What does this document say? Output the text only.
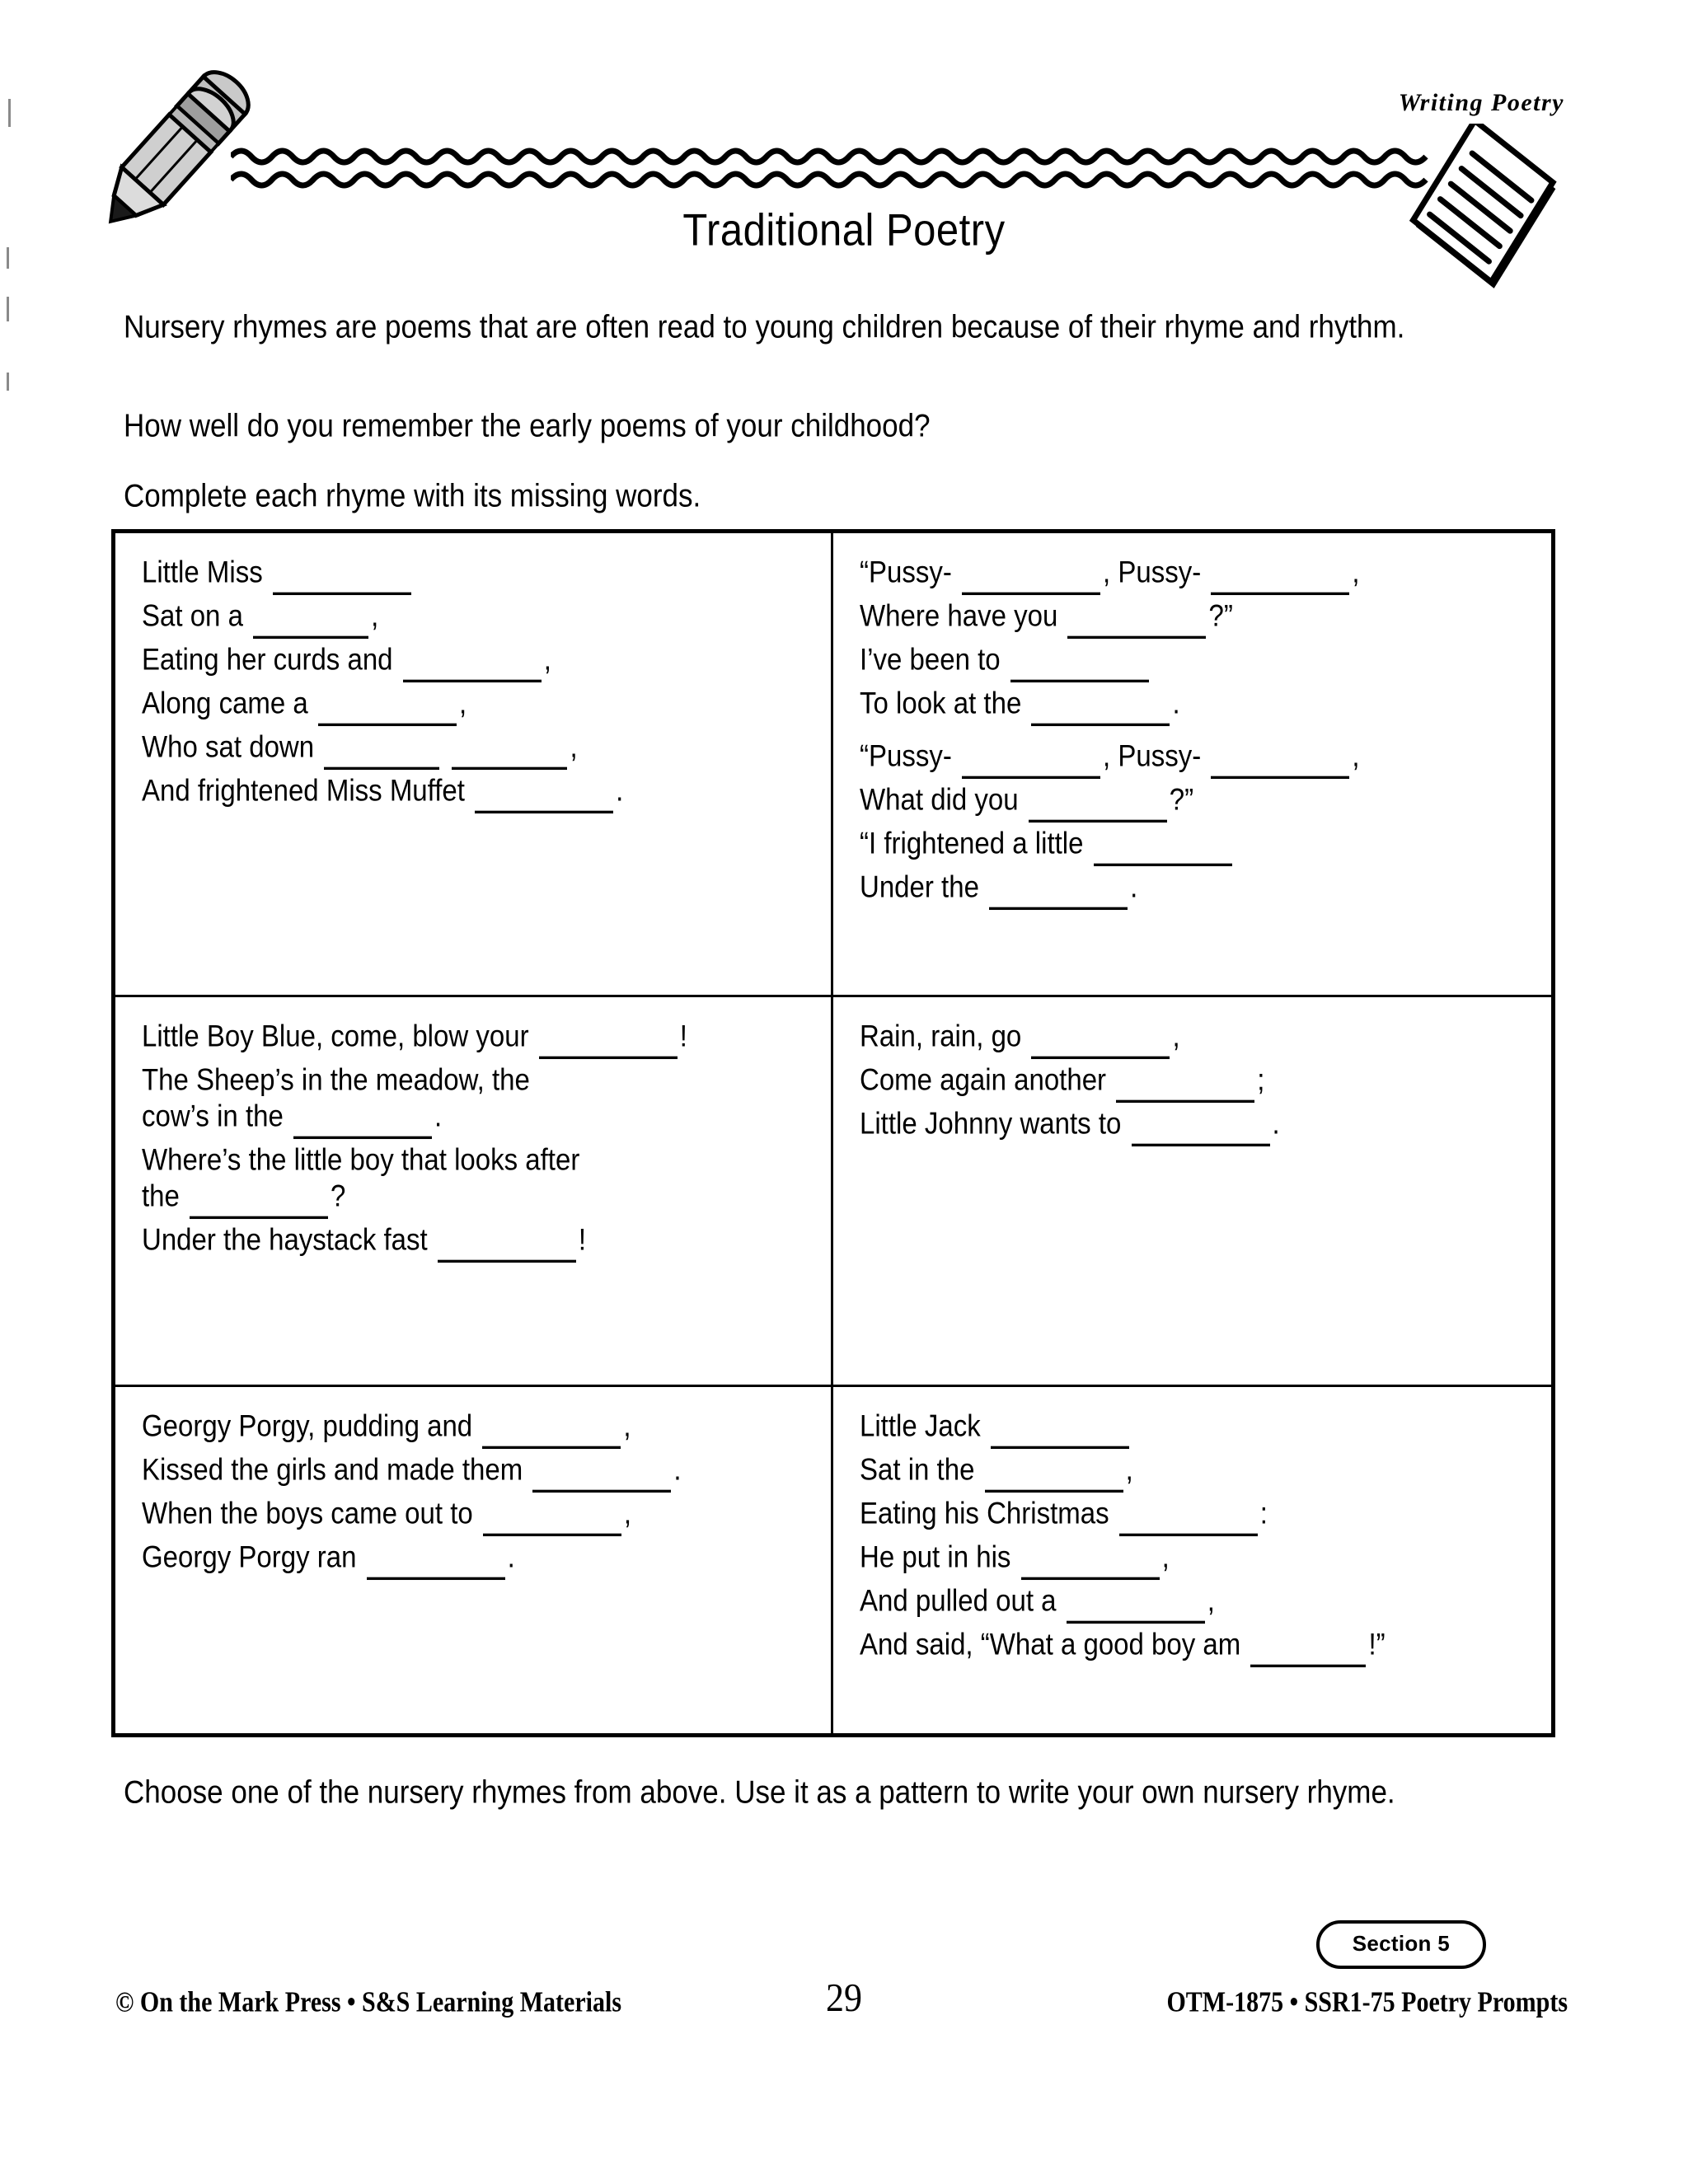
Writing Poetry
Traditional Poetry
Nursery rhymes are poems that are often read to young children because of their rhyme and rhythm.
How well do you remember the early poems of your childhood?
Complete each rhyme with its missing words.
Little Miss
Sat on a	,
Eating her curds and	,
Along came a	,
Who sat down	,
And frightened Miss Muffet	.
“Pussy-	, Pussy-	,
Where have you	?”
I’ve been to
To look at the	.
“Pussy-	, Pussy-	,
What did you	?”
“I frightened a little
Under the	.
Little Boy Blue, come, blow your	!
The Sheep’s in the meadow, the
cow’s in the	.
Where’s the little boy that looks after
the	?
Under the haystack fast	!
Rain, rain, go	,
Come again another	;
Little Johnny wants to	.
Georgy Porgy, pudding and	,
Kissed the girls and made them	.
When the boys came out to	,
Georgy Porgy ran	.
Little Jack
Sat in the	,
Eating his Christmas	:
He put in his	,
And pulled out a	,
And said, “What a good boy am	!”
Choose one of the nursery rhymes from above. Use it as a pattern to write your own nursery rhyme.
© On the Mark Press • S&S Learning Materials	29
Section 5
OTM-1875 • SSR1-75 Poetry Prompts
